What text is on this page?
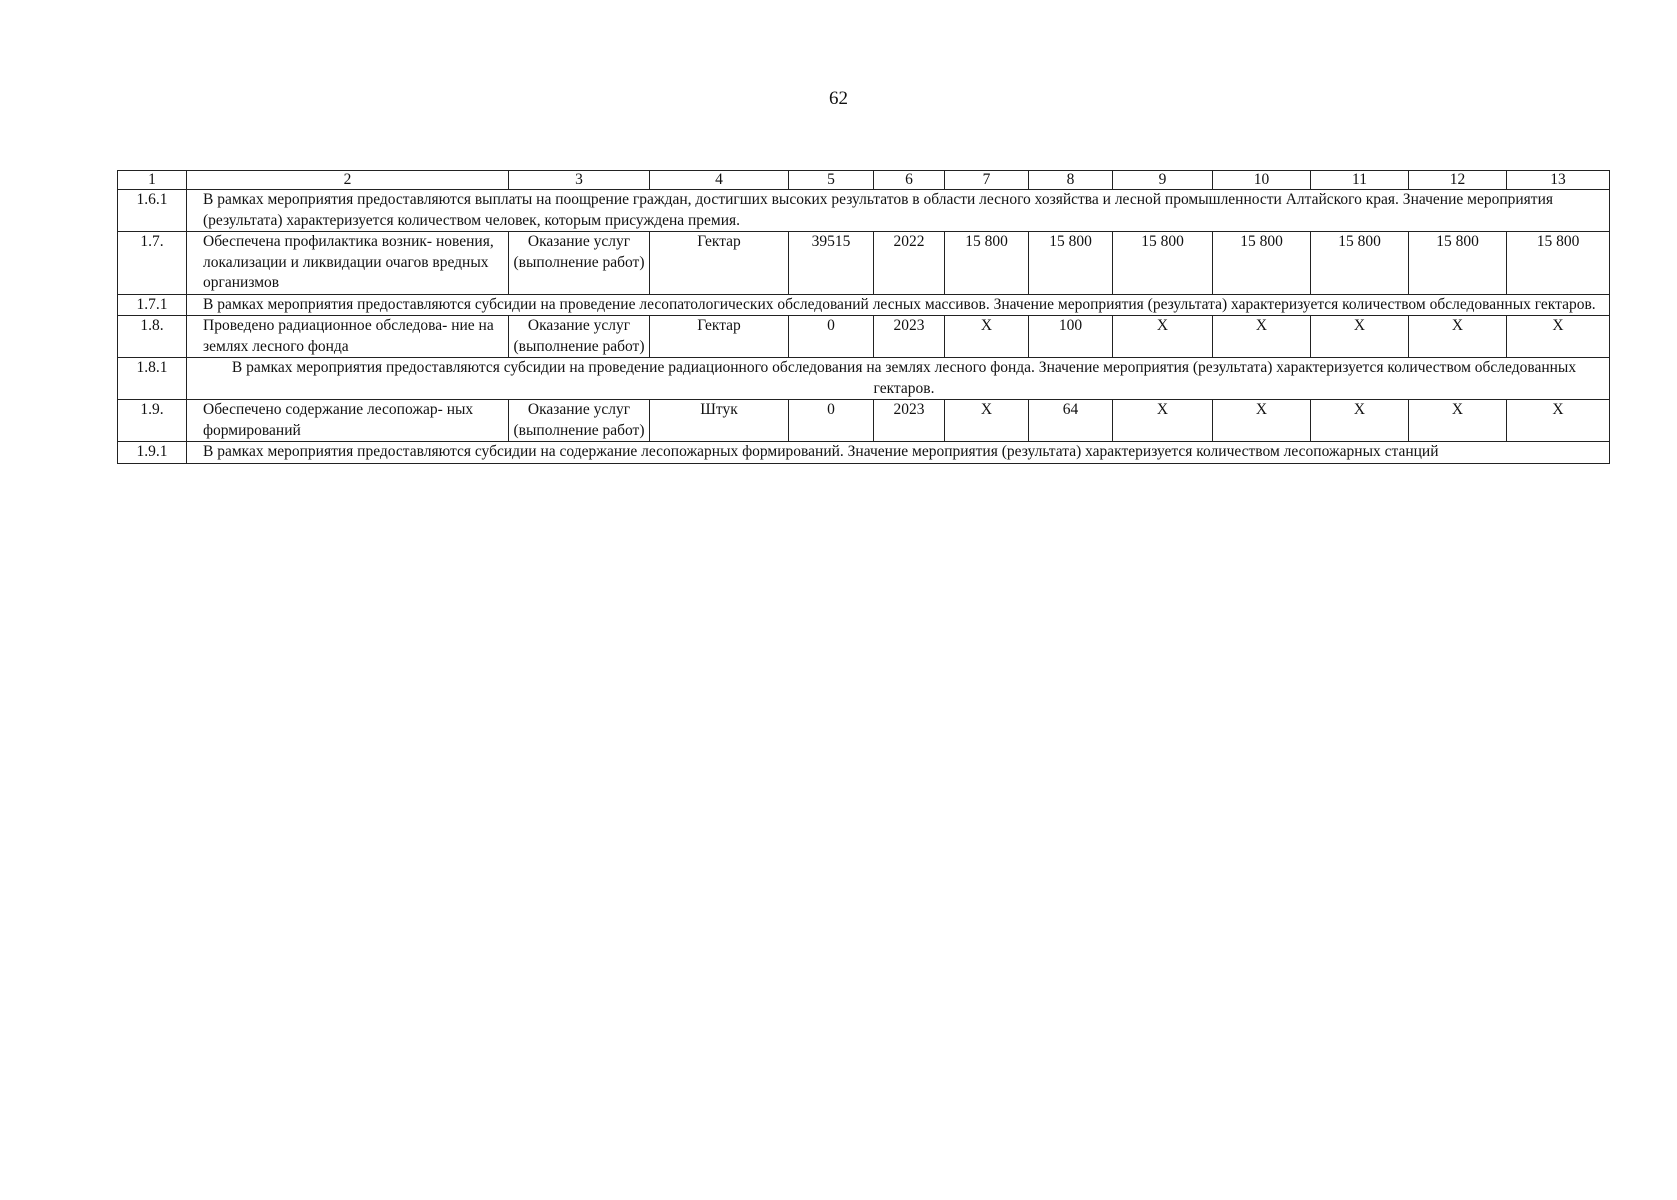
62
1	2	3	4	5	6	7	8	9	10	11	12	13
1.6.1	В рамках мероприятия предоставляются выплаты на поощрение граждан, достигших высоких результатов в области лесного хозяйства и лесной промышленности Алтайского края. Значение мероприятия (результата) характеризуется количеством человек, которым присуждена премия.											
1.7.	Обеспечена профилактика возник- новения, локализации и ликвидации очагов вредных организмов	Оказание услуг (выполнение работ)	Гектар	39515	2022	15 800	15 800	15 800	15 800	15 800	15 800	15 800
1.7.1	В рамках мероприятия предоставляются субсидии на проведение лесопатологических обследований лесных массивов. Значение мероприятия (результата) характеризуется количеством обследованных гектаров.											
1.8.	Проведено радиационное обследова- ние на землях лесного фонда	Оказание услуг (выполнение работ)	Гектар	0	2023	Х	100	Х	Х	Х	Х	Х
1.8.1	В рамках мероприятия предоставляются субсидии на проведение радиационного обследования на землях лесного фонда. Значение мероприятия (результата) характеризуется количеством обследованных гектаров.											
1.9.	Обеспечено содержание лесопожар- ных формирований	Оказание услуг (выполнение работ)	Штук	0	2023	Х	64	Х	Х	Х	Х	Х
1.9.1	В рамках мероприятия предоставляются субсидии на содержание лесопожарных формирований. Значение мероприятия (результата) характеризуется количеством лесопожарных станций											
